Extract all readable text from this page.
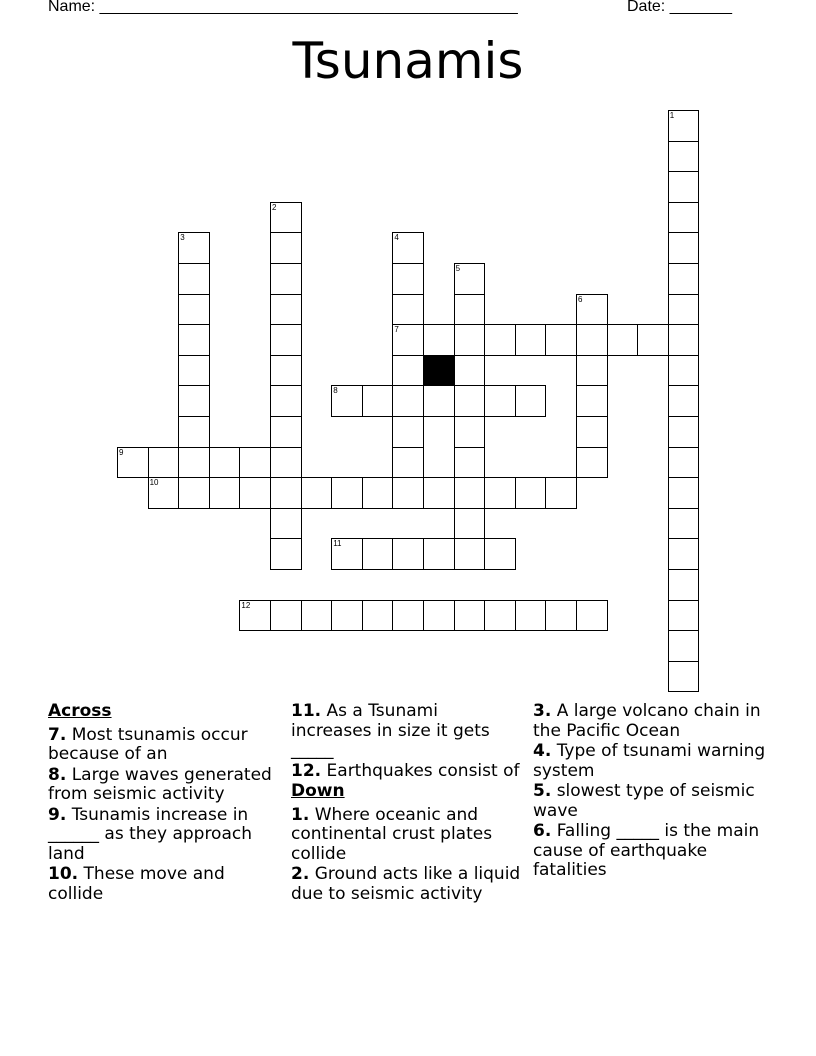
Name: _______________________________________________	Date: _______
Tsunamis
1
2
3	4
7
5
6
8
9
10
11
12
Across
7. Most tsunamis occur because of an
8. Large waves generated from seismic activity
9. Tsunamis increase in ______ as they approach land
10. These move and collide
11. As a Tsunami increases in size it gets _____
12. Earthquakes consist of
Down
1. Where oceanic and continental crust plates collide
2. Ground acts like a liquid due to seismic activity
3. A large volcano chain in the Pacific Ocean
4. Type of tsunami warning system
5. slowest type of seismic wave
6. Falling _____ is the main cause of earthquake fatalities
